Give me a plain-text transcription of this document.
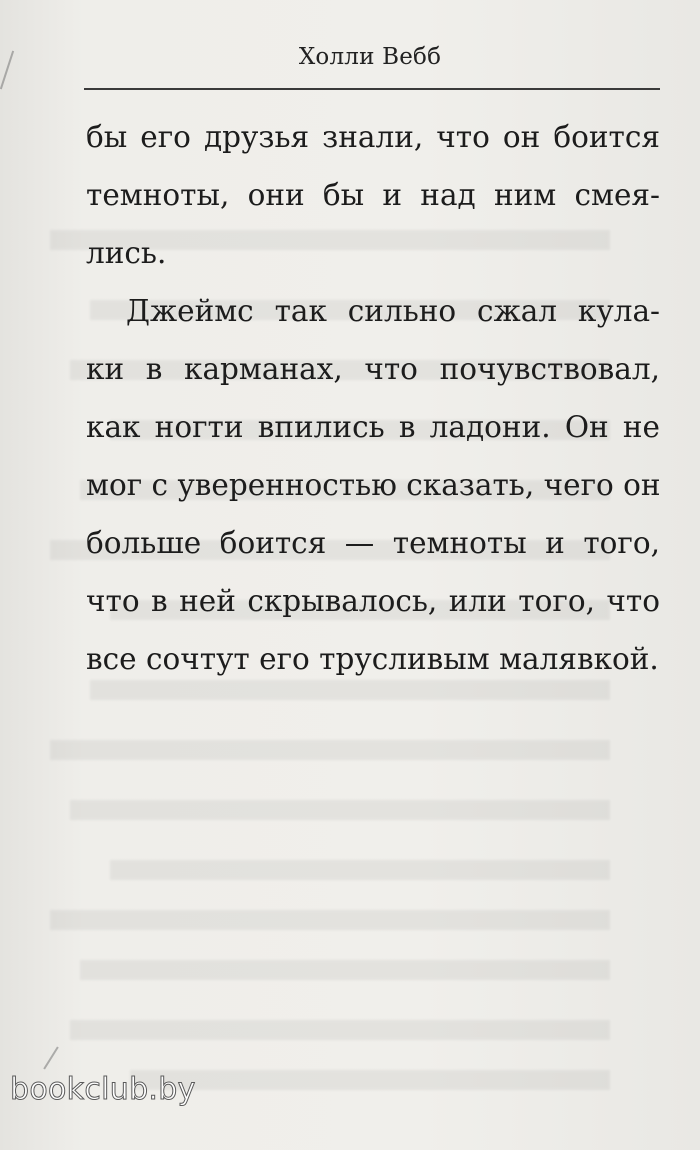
Холли Вебб
бы его друзья знали, что он боится
темноты, они бы и над ним смея-
лись.
Джеймс так сильно сжал кула-
ки в карманах, что почувствовал,
как ногти впились в ладони. Он не
мог с уверенностью сказать, чего он
больше боится — темноты и того,
что в ней скрывалось, или того, что
все сочтут его трусливым малявкой.
bookclub.by
